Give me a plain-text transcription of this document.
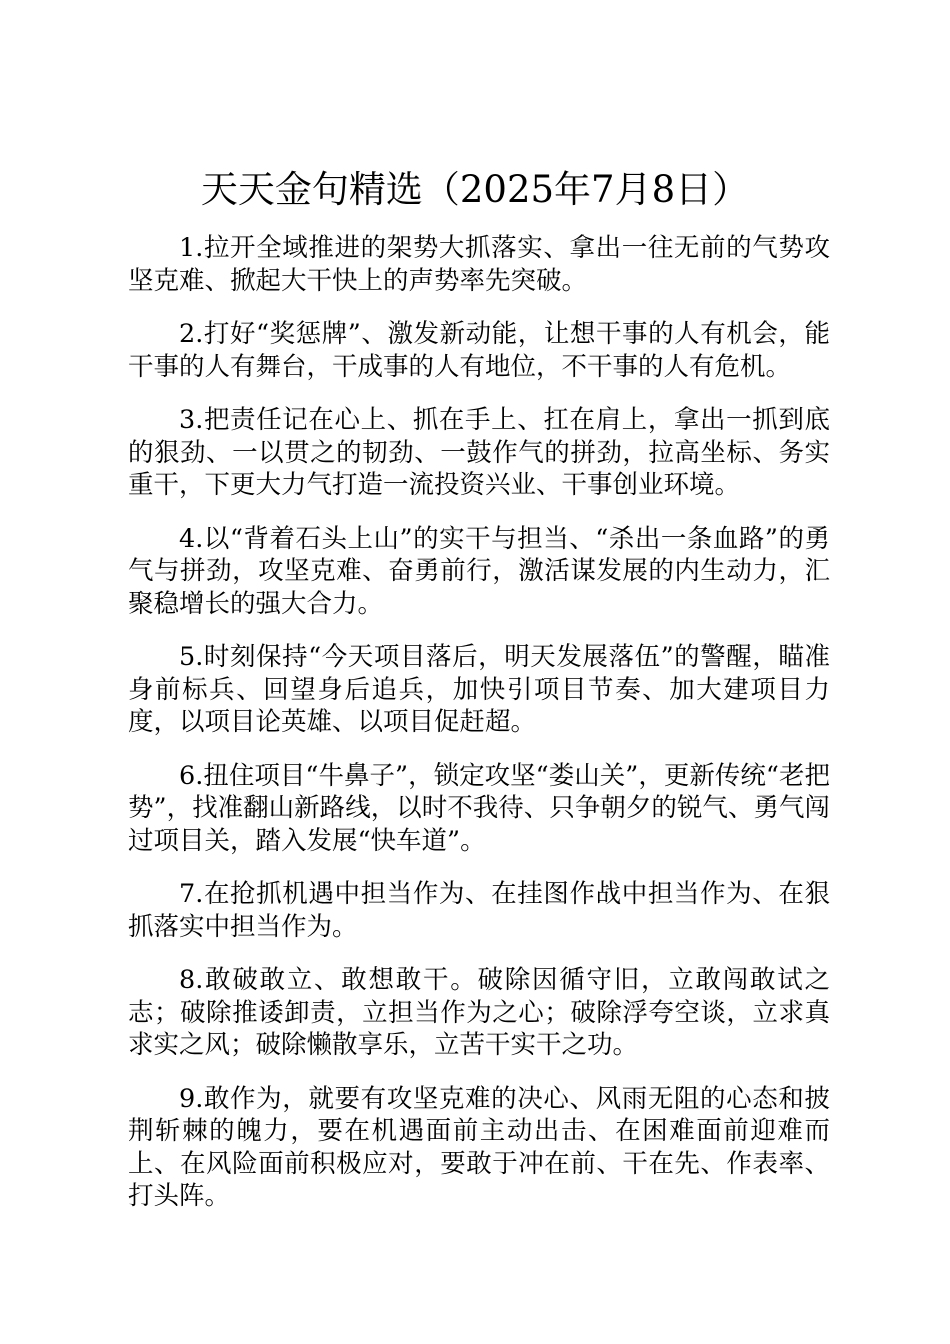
天天金句精选（2025年7月8日）

1.拉开全域推进的架势大抓落实、拿出一往无前的气势攻坚克难、掀起大干快上的声势率先突破。

2.打好“奖惩牌”、激发新动能，让想干事的人有机会，能干事的人有舞台，干成事的人有地位，不干事的人有危机。

3.把责任记在心上、抓在手上、扛在肩上，拿出一抓到底的狠劲、一以贯之的韧劲、一鼓作气的拼劲，拉高坐标、务实重干，下更大力气打造一流投资兴业、干事创业环境。

4.以“背着石头上山”的实干与担当、“杀出一条血路”的勇气与拼劲，攻坚克难、奋勇前行，激活谋发展的内生动力，汇聚稳增长的强大合力。

5.时刻保持“今天项目落后，明天发展落伍”的警醒，瞄准身前标兵、回望身后追兵，加快引项目节奏、加大建项目力度，以项目论英雄、以项目促赶超。

6.扭住项目“牛鼻子”，锁定攻坚“娄山关”，更新传统“老把势”，找准翻山新路线，以时不我待、只争朝夕的锐气、勇气闯过项目关，踏入发展“快车道”。

7.在抢抓机遇中担当作为、在挂图作战中担当作为、在狠抓落实中担当作为。

8.敢破敢立、敢想敢干。破除因循守旧，立敢闯敢试之志；破除推诿卸责，立担当作为之心；破除浮夸空谈，立求真求实之风；破除懒散享乐，立苦干实干之功。

9.敢作为，就要有攻坚克难的决心、风雨无阻的心态和披荆斩棘的魄力，要在机遇面前主动出击、在困难面前迎难而上、在风险面前积极应对，要敢于冲在前、干在先、作表率、打头阵。
